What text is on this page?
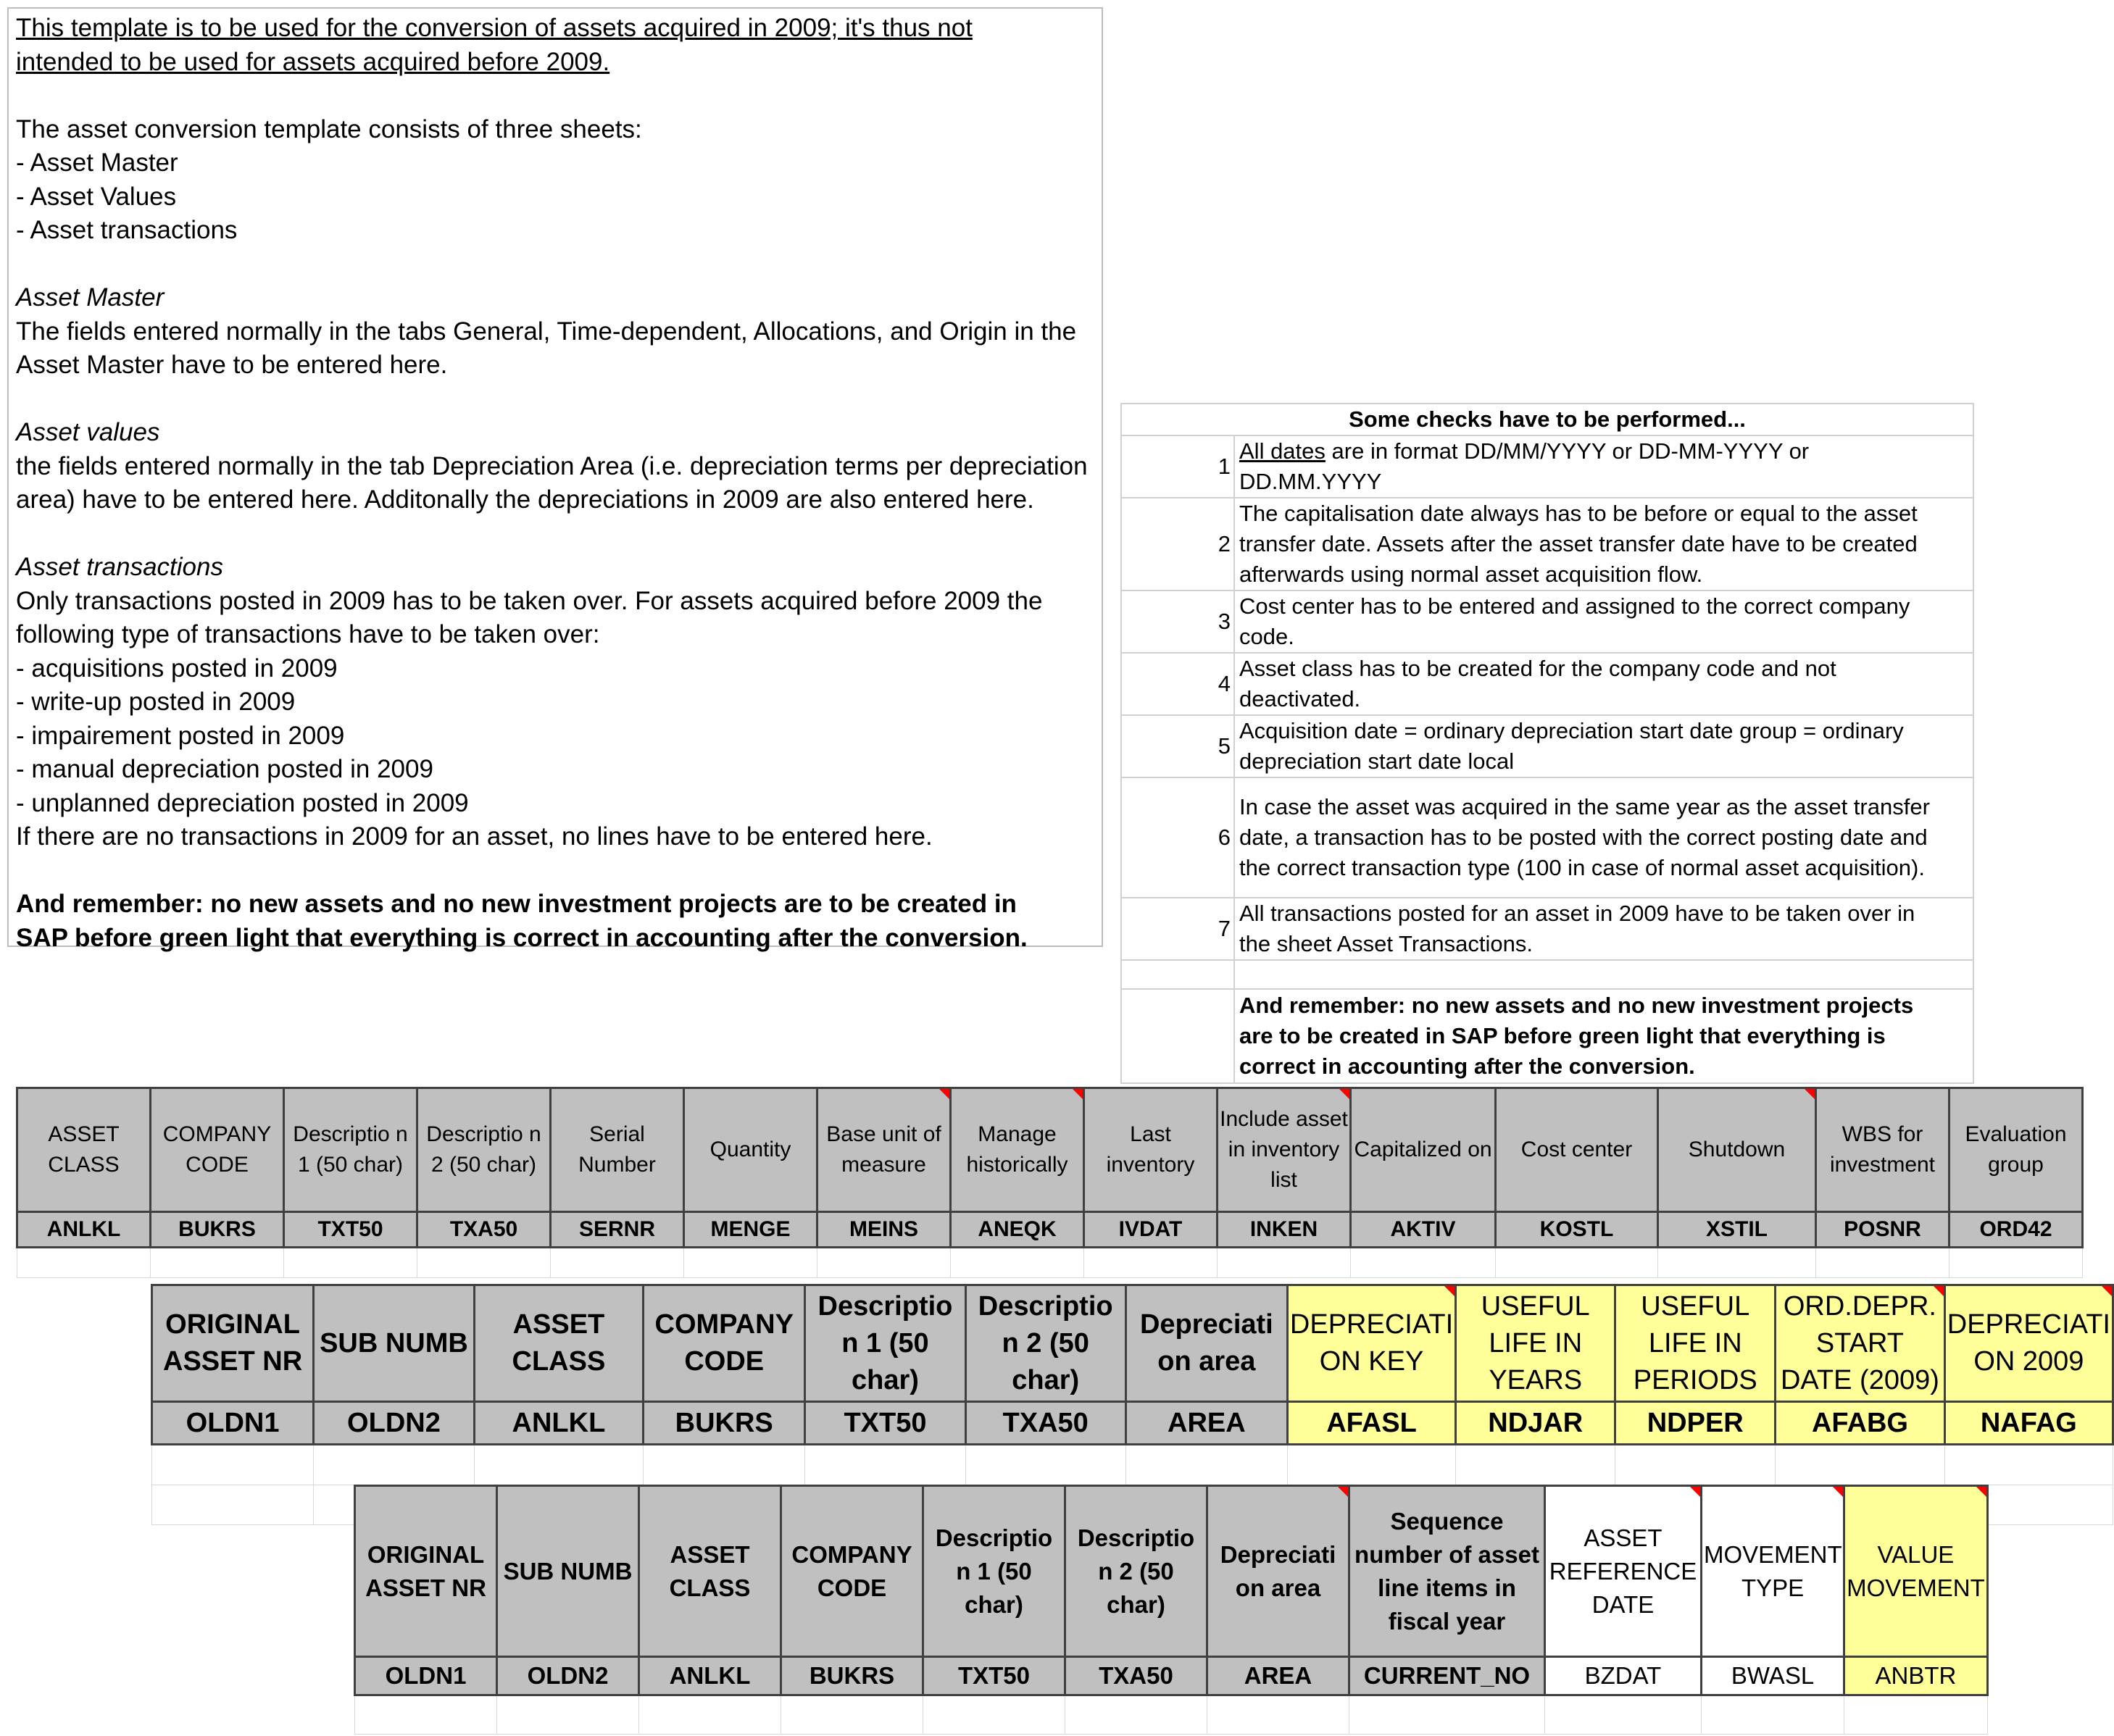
This template is to be used for the conversion of assets acquired in 2009; it's thus not

intended to be used for assets acquired before 2009.

The asset conversion template consists of three sheets:

- Asset Master

- Asset Values

- Asset transactions

Asset Master

The fields entered normally in the tabs General, Time-dependent, Allocations, and Origin in the

Asset Master have to be entered here.

Asset values

the fields entered normally in the tab Depreciation Area (i.e. depreciation terms per depreciation

area) have to be entered here. Additonally the depreciations in 2009 are also entered here.

Asset transactions

Only transactions posted in 2009 has to be taken over. For assets acquired before 2009 the

following type of transactions have to be taken over:

- acquisitions posted in 2009

- write-up posted in 2009

- impairement posted in 2009

- manual depreciation posted in 2009

- unplanned depreciation posted in 2009

If there are no transactions in 2009 for an asset, no lines have to be entered here.

And remember: no new assets and no new investment projects are to be created in

SAP before green light that everything is correct in accounting after the conversion.

Some checks have to be performed...	
1	All dates are in format DD/MM/YYYY or DD-MM-YYYY or
DD.MM.YYYY
2	The capitalisation date always has to be before or equal to the asset
transfer date. Assets after the asset transfer date have to be created
afterwards using normal asset acquisition flow.
3	Cost center has to be entered and assigned to the correct company
code.
4	Asset class has to be created for the company code and not
deactivated.
5	Acquisition date = ordinary depreciation start date group = ordinary
depreciation start date local
6	In case the asset was acquired in the same year as the asset transfer
date, a transaction has to be posted with the correct posting date and
the correct transaction type (100 in case of normal asset acquisition).
7	All transactions posted for an asset in 2009 have to be taken over in
the sheet Asset Transactions.

	And remember: no new assets and no new investment projects
are to be created in SAP before green light that everything is
correct in accounting after the conversion.
ASSET CLASS	COMPANY CODE	Descriptio n 1 (50 char)	Descriptio n 2 (50 char)	Serial Number	Quantity	Base unit of measure	Manage historically	Last inventory	Include asset in inventory list	Capitalized on	Cost center	Shutdown	WBS for investment	Evaluation group
ANLKL	BUKRS	TXT50	TXA50	SERNR	MENGE	MEINS	ANEQK	IVDAT	INKEN	AKTIV	KOSTL	XSTIL	POSNR	ORD42

ORIGINAL ASSET NR	SUB NUMB	ASSET CLASS	COMPANY CODE	Descriptio n 1 (50 char)	Descriptio n 2 (50 char)	Depreciati on area	DEPRECIATI ON KEY	USEFUL LIFE IN YEARS	USEFUL LIFE IN PERIODS	ORD.DEPR. START DATE (2009)	DEPRECIATI ON 2009
OLDN1	OLDN2	ANLKL	BUKRS	TXT50	TXA50	AREA	AFASL	NDJAR	NDPER	AFABG	NAFAG

ORIGINAL ASSET NR	SUB NUMB	ASSET CLASS	COMPANY CODE	Descriptio n 1 (50 char)	Descriptio n 2 (50 char)	Depreciati on area	Sequence number of asset line items in fiscal year	ASSET REFERENCE DATE	MOVEMENT TYPE	VALUE MOVEMENT
OLDN1	OLDN2	ANLKL	BUKRS	TXT50	TXA50	AREA	CURRENT_NO	BZDAT	BWASL	ANBTR
